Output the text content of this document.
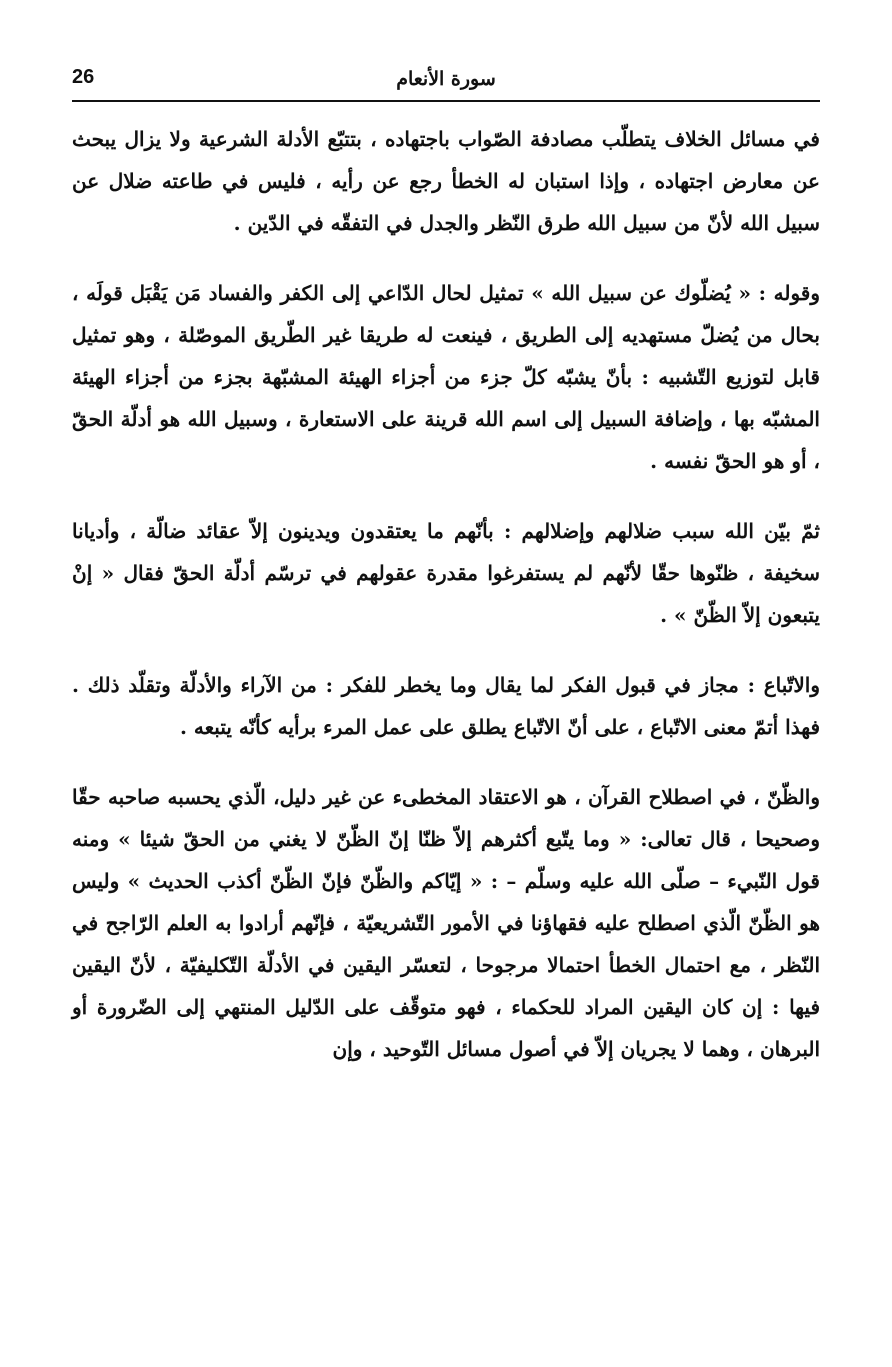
26	سورة الأنعام

في مسائل الخلاف يتطلّب مصادفة الصّواب باجتهاده ، بتتبّع الأدلة الشرعية ولا يزال يبحث عن معارض اجتهاده ، وإذا استبان له الخطأ رجع عن رأيه ، فليس في طاعته ضلال عن سبيل الله لأنّ من سبيل الله طرق النّظر والجدل في التفقّه في الدّين .

وقوله : « يُضلّوك عن سبيل الله » تمثيل لحال الدّاعي إلى الكفر والفساد مَن يَقْبَل قولَه ، بحال من يُضلّ مستهديه إلى الطريق ، فينعت له طريقا غير الطّريق الموصّلة ، وهو تمثيل قابل لتوزيع التّشبيه : بأنّ يشبّه كلّ جزء من أجزاء الهيئة المشبّهة بجزء من أجزاء الهيئة المشبّه بها ، وإضافة السبيل إلى اسم الله قرينة على الاستعارة ، وسبيل الله هو أدلّة الحقّ ، أو هو الحقّ نفسه .

ثمّ بيّن الله سبب ضلالهم وإضلالهم : بأنّهم ما يعتقدون ويدينون إلاّ عقائد ضالّة ، وأديانا سخيفة ، ظنّوها حقّا لأنّهم لم يستفرغوا مقدرة عقولهم في ترسّم أدلّة الحقّ فقال « إنْ يتبعون إلاّ الظّنّ » .

والاتّباع : مجاز في قبول الفكر لما يقال وما يخطر للفكر : من الآراء والأدلّة وتقلّد ذلك . فهذا أتمّ معنى الاتّباع ، على أنّ الاتّباع يطلق على عمل المرء برأيه كأنّه يتبعه .

والظّنّ ، في اصطلاح القرآن ، هو الاعتقاد المخطىء عن غير دليل، الّذي يحسبه صاحبه حقّا وصحيحا ، قال تعالى: « وما يتّبع أكثرهم إلاّ ظنّا إنّ الظّنّ لا يغني من الحقّ شيئا » ومنه قول النّبيء – صلّى الله عليه وسلّم – : « إيّاكم والظّنّ فإنّ الظّنّ أكذب الحديث » وليس هو الظّنّ الّذي اصطلح عليه فقهاؤنا في الأمور التّشريعيّة ، فإنّهم أرادوا به العلم الرّاجح في النّظر ، مع احتمال الخطأ احتمالا مرجوحا ، لتعسّر اليقين في الأدلّة التّكليفيّة ، لأنّ اليقين فيها : إن كان اليقين المراد للحكماء ، فهو متوقّف على الدّليل المنتهي إلى الضّرورة أو البرهان ، وهما لا يجريان إلاّ في أصول مسائل التّوحيد ، وإن
